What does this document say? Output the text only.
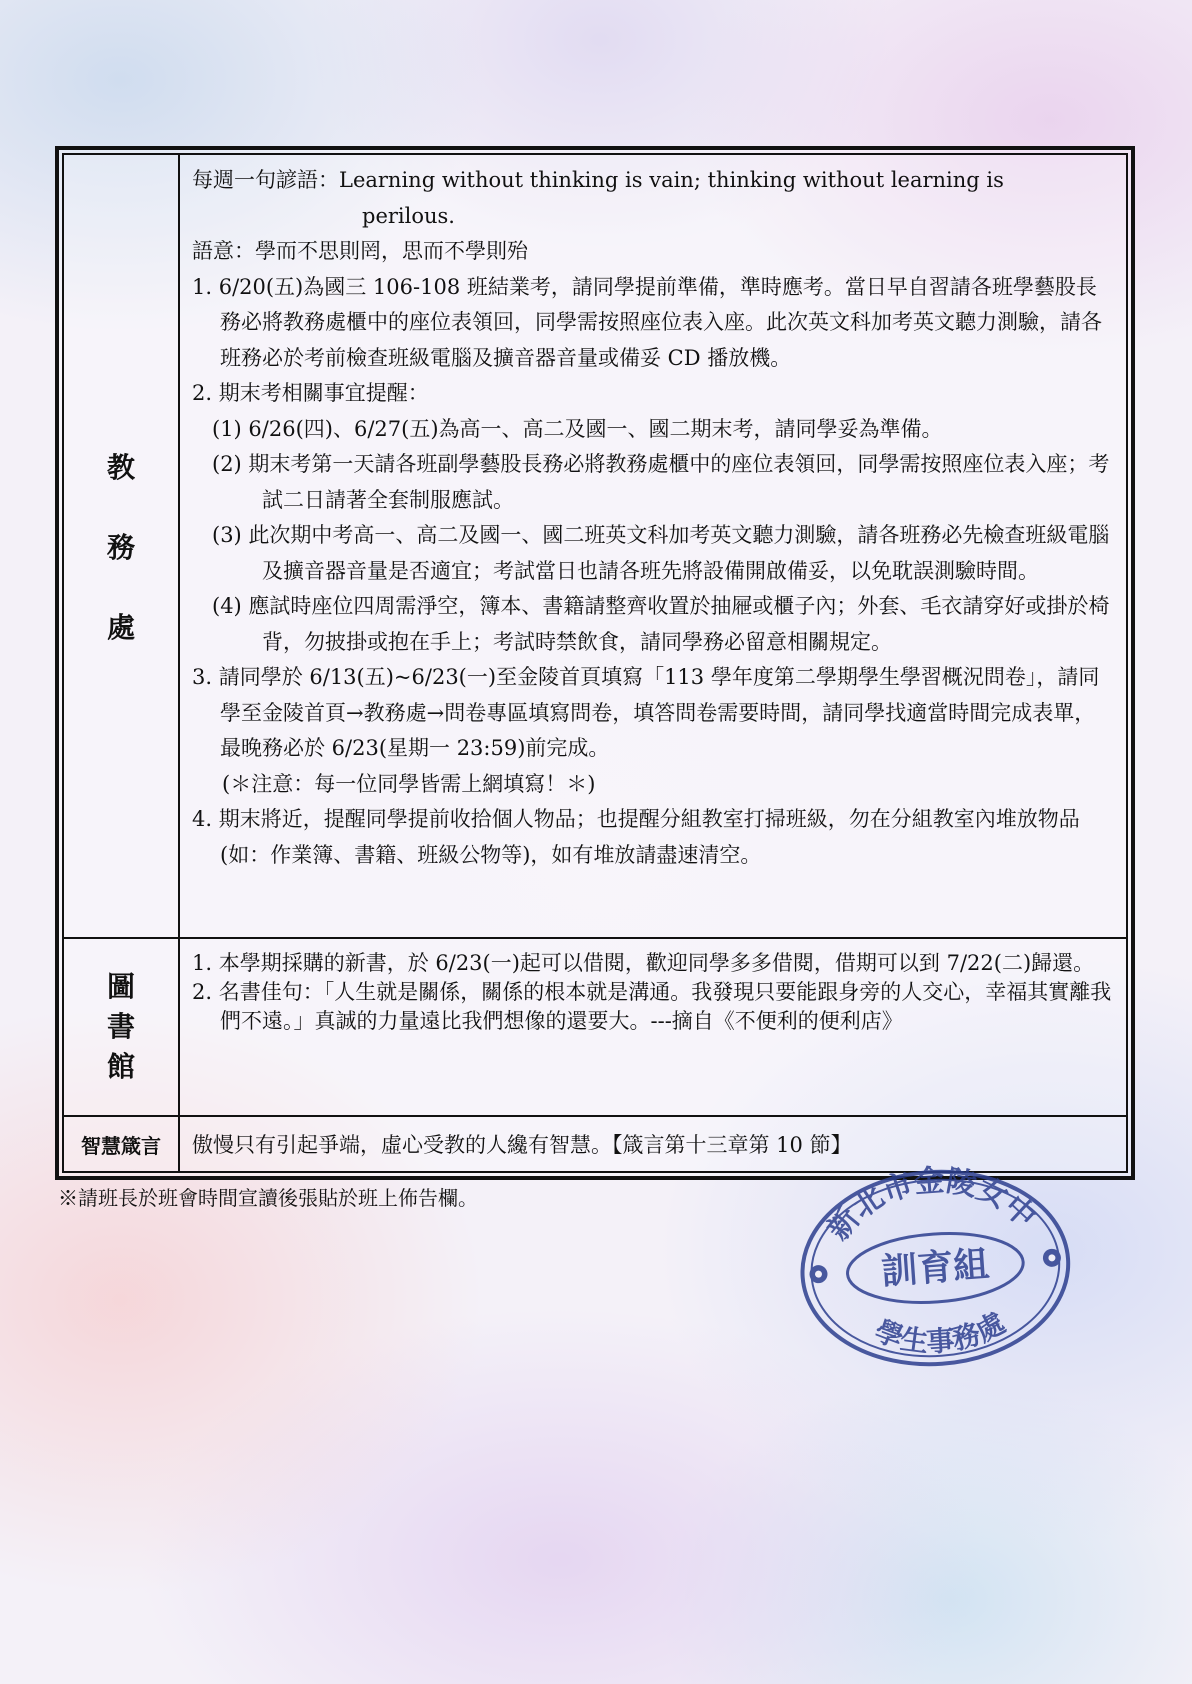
教
務
處

每週一句諺語：Learning without thinking is vain; thinking without learning is

perilous.

語意：學而不思則罔，思而不學則殆

1. 6/20(五)為國三 106-108 班結業考，請同學提前準備，準時應考。當日早自習請各班學藝股長務必將教務處櫃中的座位表領回，同學需按照座位表入座。此次英文科加考英文聽力測驗，請各班務必於考前檢查班級電腦及擴音器音量或備妥 CD 播放機。

2. 期末考相關事宜提醒：

(1) 6/26(四)、6/27(五)為高一、高二及國一、國二期末考，請同學妥為準備。

(2) 期末考第一天請各班副學藝股長務必將教務處櫃中的座位表領回，同學需按照座位表入座；考試二日請著全套制服應試。

(3) 此次期中考高一、高二及國一、國二班英文科加考英文聽力測驗，請各班務必先檢查班級電腦及擴音器音量是否適宜；考試當日也請各班先將設備開啟備妥，以免耽誤測驗時間。

(4) 應試時座位四周需淨空，簿本、書籍請整齊收置於抽屜或櫃子內；外套、毛衣請穿好或掛於椅背，勿披掛或抱在手上；考試時禁飲食，請同學務必留意相關規定。

3. 請同學於 6/13(五)~6/23(一)至金陵首頁填寫「113 學年度第二學期學生學習概況問卷」，請同學至金陵首頁→教務處→問卷專區填寫問卷，填答問卷需要時間，請同學找適當時間完成表單，最晚務必於 6/23(星期一 23:59)前完成。

(＊注意：每一位同學皆需上網填寫！＊)

4. 期末將近，提醒同學提前收拾個人物品；也提醒分組教室打掃班級，勿在分組教室內堆放物品(如：作業簿、書籍、班級公物等)，如有堆放請盡速清空。

圖
書
館

1. 本學期採購的新書，於 6/23(一)起可以借閱，歡迎同學多多借閱，借期可以到 7/22(二)歸還。

2. 名書佳句：「人生就是關係，關係的根本就是溝通。我發現只要能跟身旁的人交心，幸福其實離我們不遠。」真誠的力量遠比我們想像的還要大。---摘自《不便利的便利店》

智慧箴言	傲慢只有引起爭端，虛心受教的人纔有智慧。【箴言第十三章第 10 節】
※請班長於班會時間宣讀後張貼於班上佈告欄。
新北市金陵女中
訓育組
學生事務處
